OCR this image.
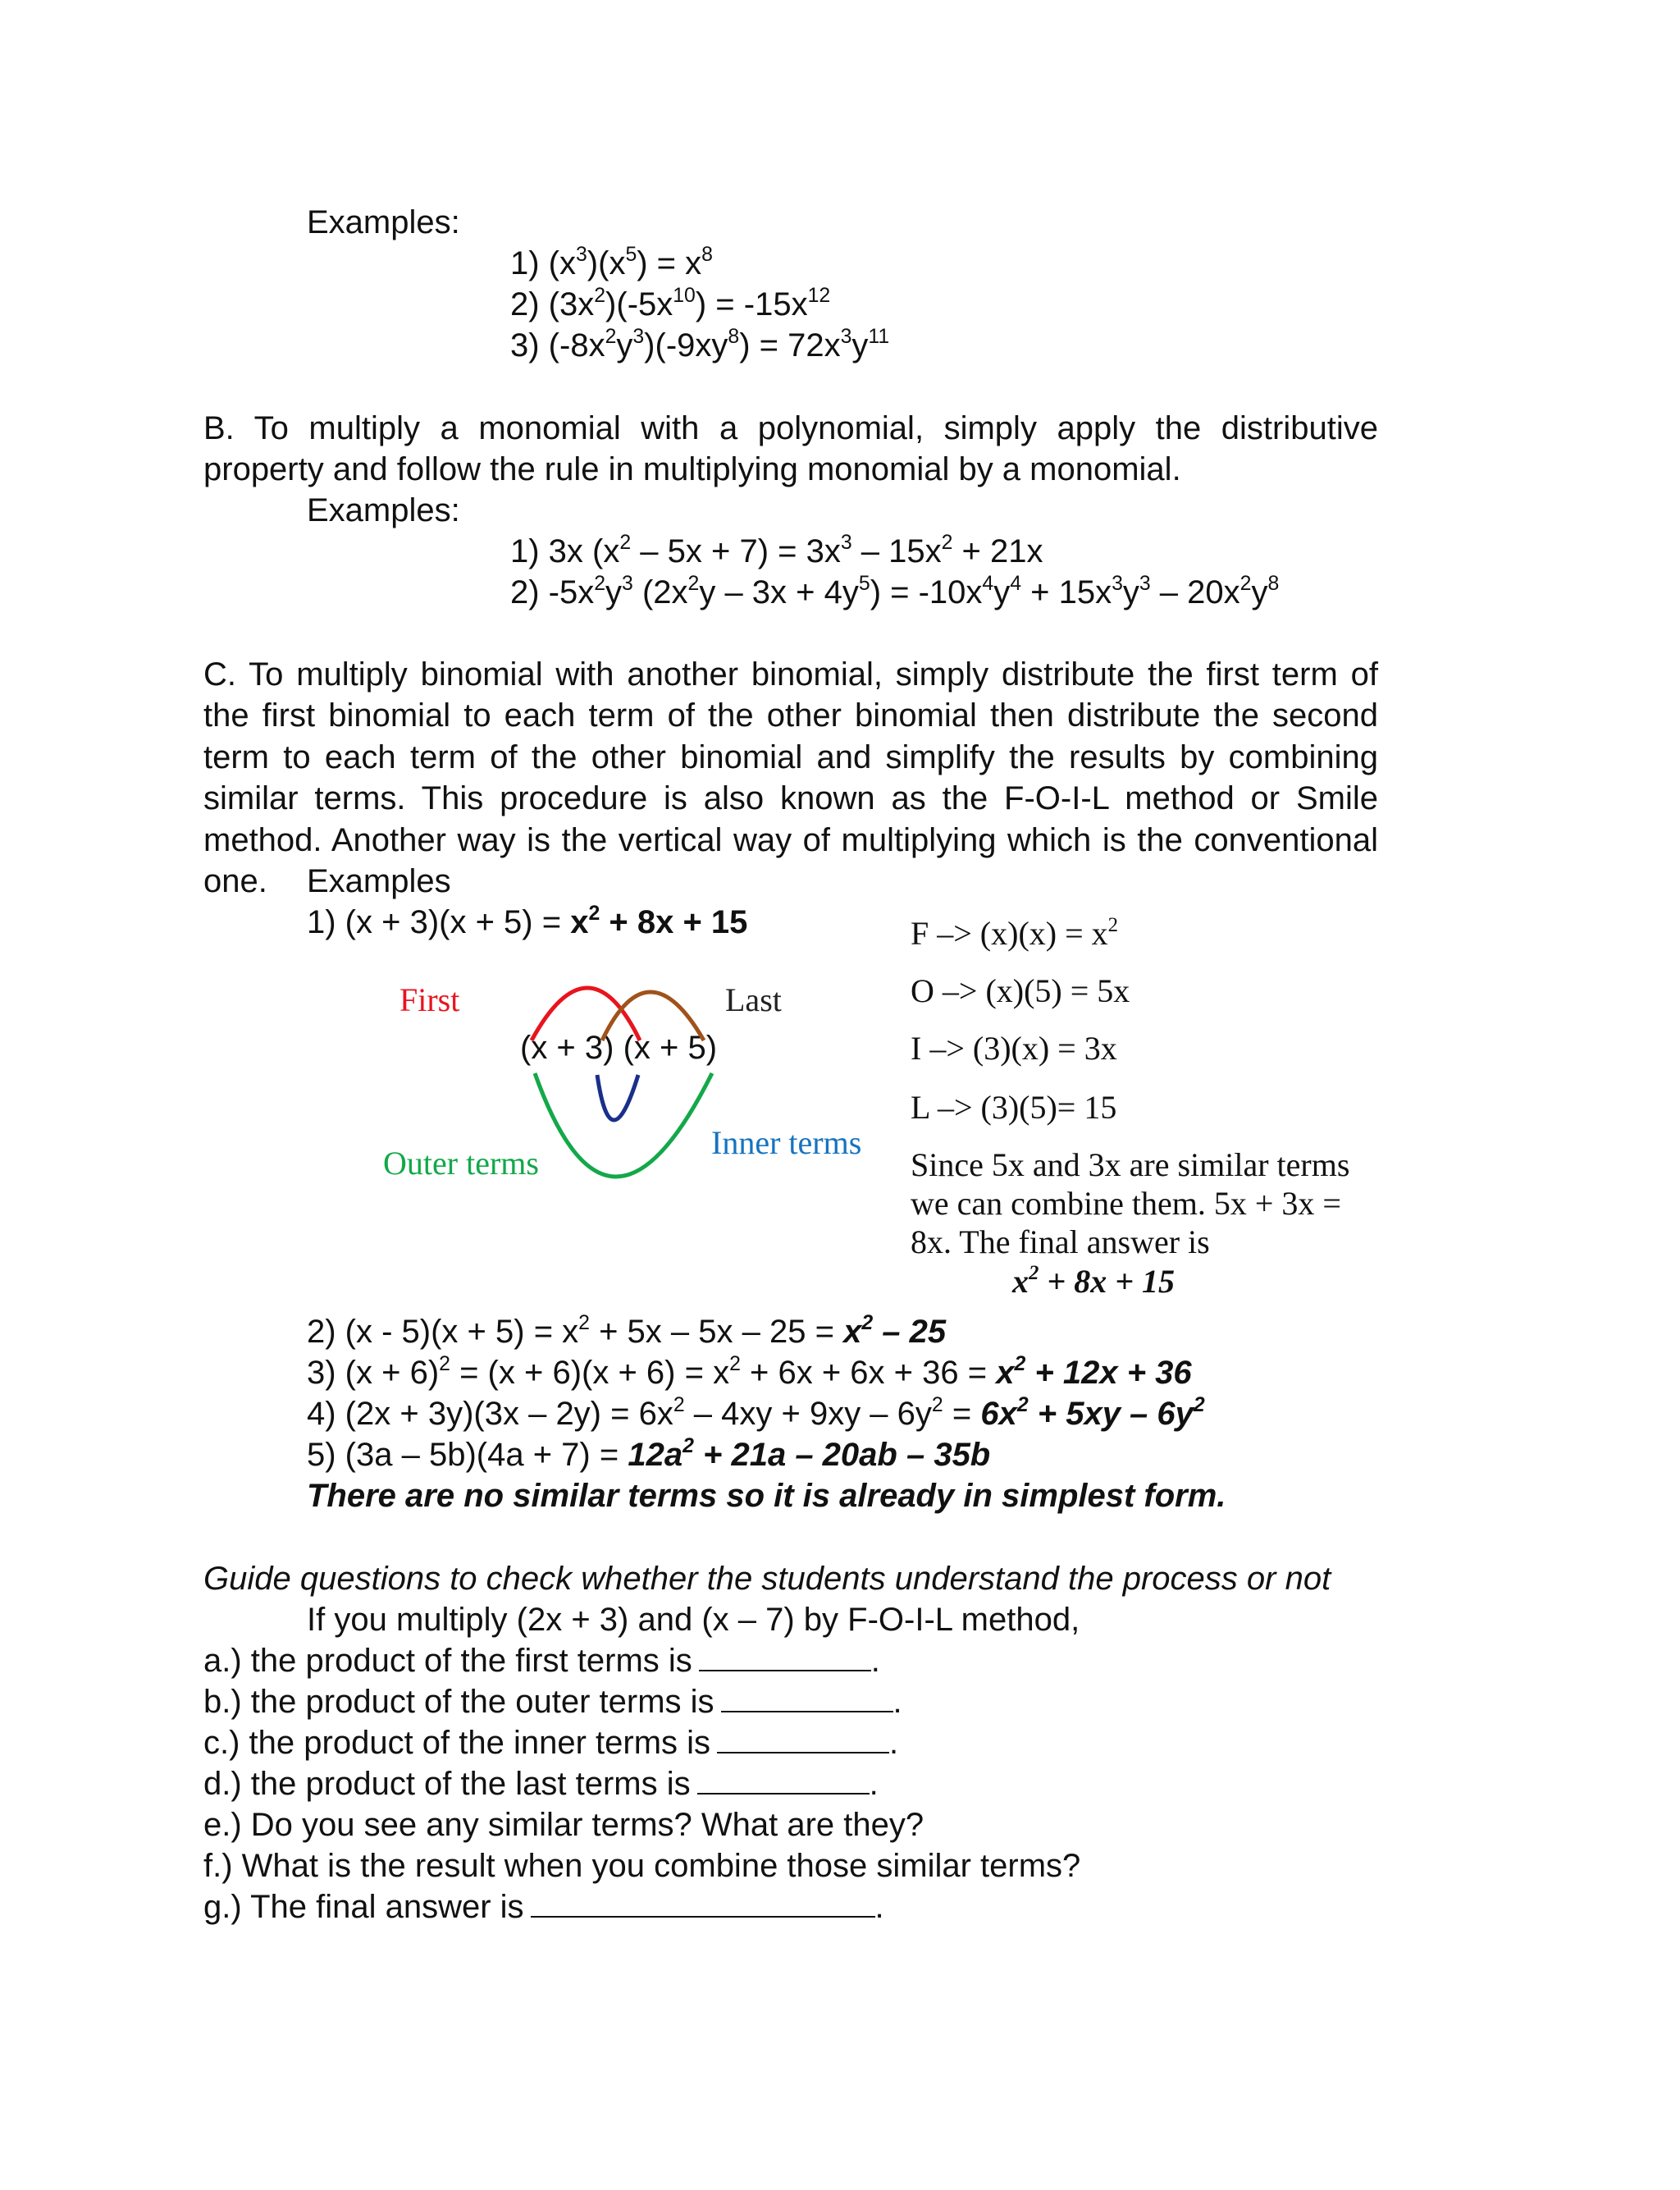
Examples:
1) $(x^3)(x^5) = x^8$
2) $(3x^2)(-5x^{10}) = -15x^{12}$
3) $(-8x^2y^3)(-9xy^8) = 72x^3y^{11}$
B. To multiply a monomial with a polynomial, simply apply the distributive property and follow the rule in multiplying monomial by a monomial.
Examples:
1) 3x $(x^2 - 5x + 7) = 3x^3 - 15x^2 + 21x$
2) $-5x^2y^3$ $(2x^2y - 3x + 4y^5) = -10x^4y^4 + 15x^3y^3 - 20x^2y^8$
C. To multiply binomial with another binomial, simply distribute the first term of the first binomial to each term of the other binomial then distribute the second term to each term of the other binomial and simplify the results by combining similar terms. This procedure is also known as the F-O-I-L method or Smile method. Another way is the vertical way of multiplying which is the conventional one.	Examples
1) $(x + 3)(x + 5) = x^2 + 8x + 15$
First	Last
(x + 3) (x + 5)
Outer terms
Inner terms
$F -> (x)(x) = x^2$
O –> (x)(5) = 5x
I –> (3)(x) = 3x
L –> (3)(5)= 15
Since 5x and 3x are similar terms
we can combine them. 5x + 3x =
8x. The final answer is
$x^2 + 8x + 15$
2) $(x - 5)(x + 5) = x^2 + 5x - 5x - 25 = x^2 - 25$
3) $(x + 6)^2 = (x + 6)(x + 6) = x^2 + 6x + 6x + 36 = x^2 + 12x + 36$
4) $(2x + 3y)(3x - 2y) = 6x^2 - 4xy + 9xy - 6y^2 = 6x^2 + 5xy - 6y^2$
5) $(3a - 5b)(4a + 7) = 12a^2 + 21a - 20ab - 35b$
There are no similar terms so it is already in simplest form.
Guide questions to check whether the students understand the process or not
If you multiply (2x + 3) and (x – 7) by F-O-I-L method,
a.) the product of the first terms is	.
b.) the product of the outer terms is	.
c.) the product of the inner terms is	.
d.) the product of the last terms is	.
e.) Do you see any similar terms? What are they?
f.) What is the result when you combine those similar terms?
g.) The final answer is	.
